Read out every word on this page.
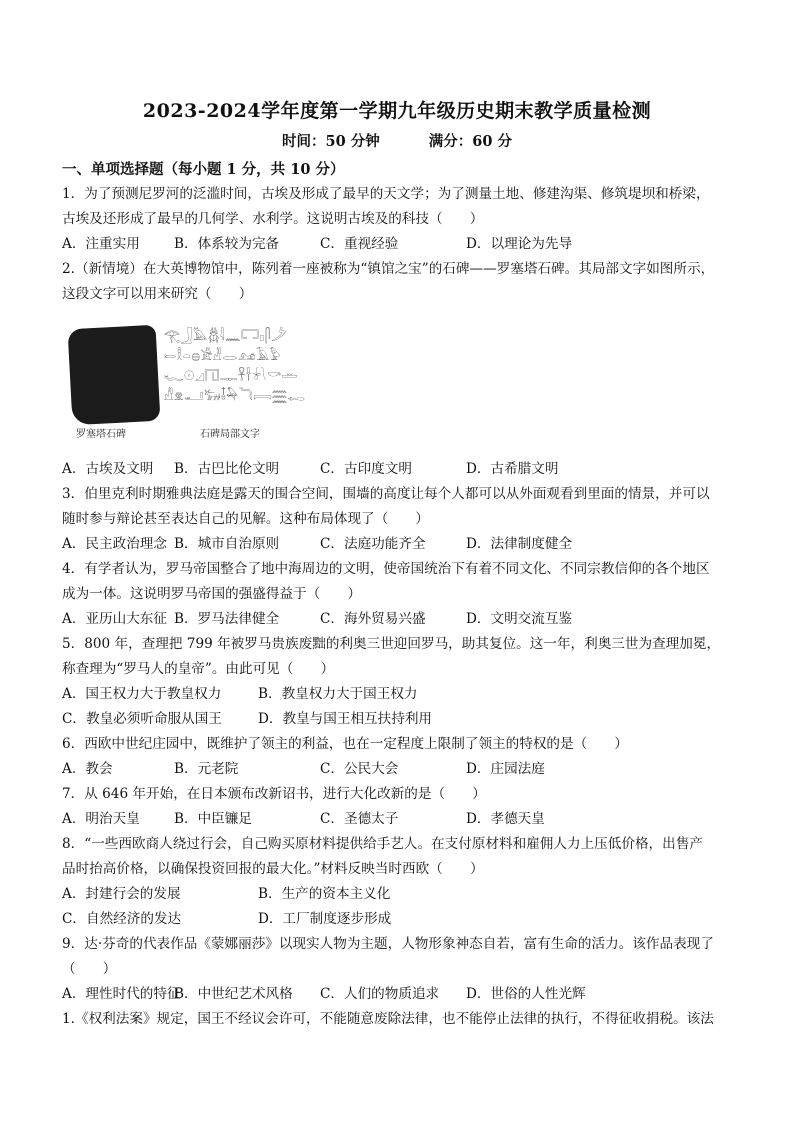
2023-2024学年度第一学期九年级历史期末教学质量检测
时间：50 分钟	满分：60 分
一、单项选择题（每小题 1 分，共 10 分）
1．为了预测尼罗河的泛滥时间，古埃及形成了最早的天文学；为了测量土地、修建沟渠、修筑堤坝和桥梁，
古埃及还形成了最早的几何学、水利学。这说明古埃及的科技（　　）
A．注重实用	B．体系较为完备	C．重视经验	D．以理论为先导
2.（新情境）在大英博物馆中，陈列着一座被称为“镇馆之宝”的石碑——罗塞塔石碑。其局部文字如图所示，
这段文字可以用来研究（　　）
𓂀𓃀𓅓𓆣𓇋𓈖𓉐𓊪𓋴𓌳
𓍿𓎛𓏏𓐍𓀀𓁐𓂋𓃭𓄿𓅱
𓆑𓇳𓈎𓉔𓊃𓋹𓌂𓍯𓎡𓏛
𓀭𓁷𓂝𓃒𓄤𓅆𓆓𓇯𓈗𓉻
罗塞塔石碑	石碑局部文字
A．古埃及文明 B．古巴比伦文明	C．古印度文明	D．古希腊文明
3．伯里克利时期雅典法庭是露天的围合空间，围墙的高度让每个人都可以从外面观看到里面的情景，并可以
随时参与辩论甚至表达自己的见解。这种布局体现了（　　）
A．民主政治理念 B．城市自治原则	C．法庭功能齐全	D．法律制度健全
4．有学者认为，罗马帝国整合了地中海周边的文明，使帝国统治下有着不同文化、不同宗教信仰的各个地区
成为一体。这说明罗马帝国的强盛得益于（　　）
A．亚历山大东征 B．罗马法律健全	C．海外贸易兴盛	D．文明交流互鉴
5．800 年，查理把 799 年被罗马贵族废黜的利奥三世迎回罗马，助其复位。这一年，利奥三世为查理加冕，
称查理为“罗马人的皇帝”。由此可见（　　）
A．国王权力大于教皇权力	B．教皇权力大于国王权力
C．教皇必须听命服从国王	D．教皇与国王相互扶持利用
6．西欧中世纪庄园中，既维护了领主的利益，也在一定程度上限制了领主的特权的是（　　）
A．教会	B．元老院	C．公民大会	D．庄园法庭
7．从 646 年开始，在日本颁布改新诏书，进行大化改新的是（　　）
A．明治天皇	B．中臣镰足	C．圣德太子	D．孝德天皇
8．“一些西欧商人绕过行会，自己购买原材料提供给手艺人。在支付原材料和雇佣人力上压低价格，出售产
品时抬高价格，以确保投资回报的最大化。”材料反映当时西欧（　　）
A．封建行会的发展	B．生产的资本主义化
C．自然经济的发达	D．工厂制度逐步形成
9．达·芬奇的代表作品《蒙娜丽莎》以现实人物为主题，人物形象神态自若，富有生命的活力。该作品表现了
（　　）
A．理性时代的特征B．中世纪艺术风格 C．人们的物质追求 D．世俗的人性光辉
1.《权利法案》规定，国王不经议会许可，不能随意废除法律，也不能停止法律的执行，不得征收捐税。该法
